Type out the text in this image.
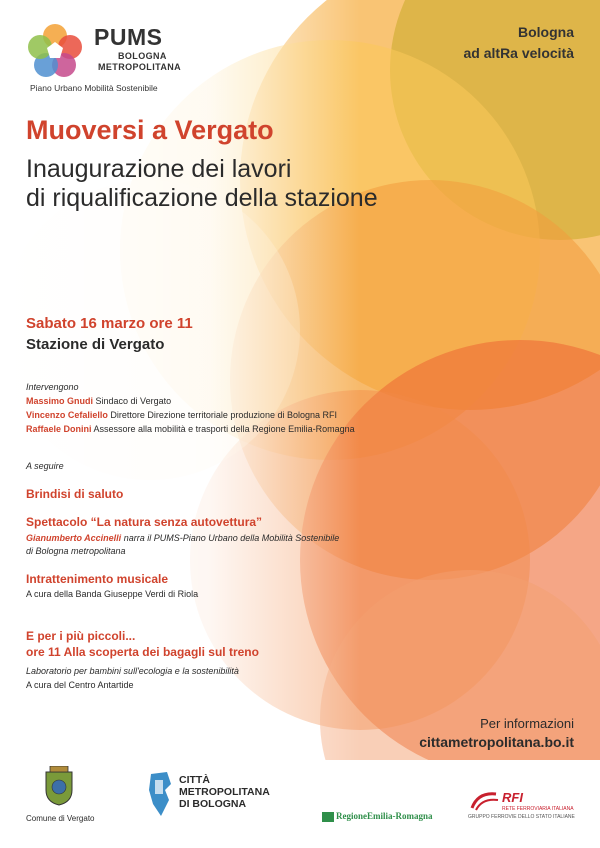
PUMS
BOLOGNA
METROPOLITANA
Piano Urbano Mobilità Sostenibile
Bologna
ad altRa velocità
Muoversi a Vergato
Inaugurazione dei lavori
di riqualificazione della stazione
Sabato 16 marzo ore 11
Stazione di Vergato
Intervengono
Massimo Gnudi Sindaco di Vergato
Vincenzo Cefaliello Direttore Direzione territoriale produzione di Bologna RFI
Raffaele Donini Assessore alla mobilità e trasporti della Regione Emilia-Romagna
A seguire
Brindisi di saluto
Spettacolo “La natura senza autovettura”
Gianumberto Accinelli narra il PUMS-Piano Urbano della Mobilità Sostenibile
di Bologna metropolitana
Intrattenimento musicale
A cura della Banda Giuseppe Verdi di Riola
E per i più piccoli...
ore 11 Alla scoperta dei bagagli sul treno
Laboratorio per bambini sull'ecologia e la sostenibilità
A cura del Centro Antartide
Per informazioni
cittametropolitana.bo.it
Comune di Vergato
CITTÀ
METROPOLITANA
DI BOLOGNA
RegioneEmilia-Romagna
RFI
RETE FERROVIARIA ITALIANA
GRUPPO FERROVIE DELLO STATO ITALIANE
